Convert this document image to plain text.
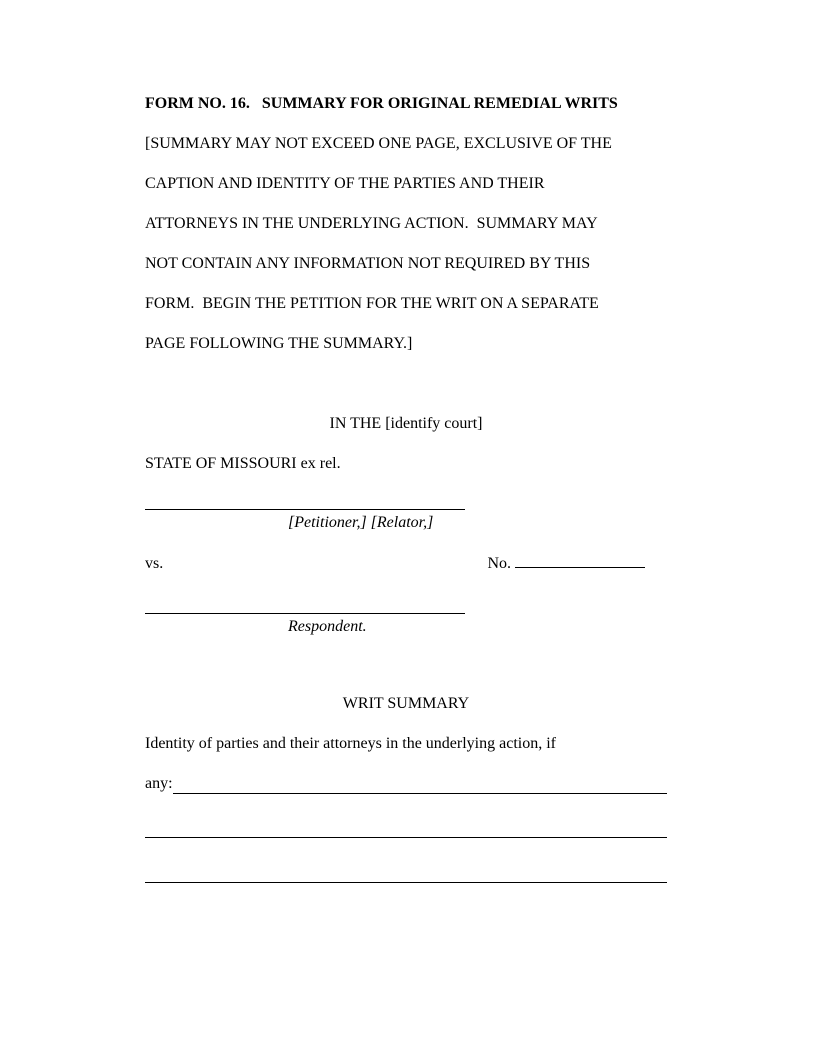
FORM NO. 16.   SUMMARY FOR ORIGINAL REMEDIAL WRITS
[SUMMARY MAY NOT EXCEED ONE PAGE, EXCLUSIVE OF THE
CAPTION AND IDENTITY OF THE PARTIES AND THEIR
ATTORNEYS IN THE UNDERLYING ACTION.  SUMMARY MAY
NOT CONTAIN ANY INFORMATION NOT REQUIRED BY THIS
FORM.  BEGIN THE PETITION FOR THE WRIT ON A SEPARATE
PAGE FOLLOWING THE SUMMARY.]
IN THE [identify court]
STATE OF MISSOURI ex rel.
[Petitioner,] [Relator,]
vs.	No.
Respondent.
WRIT SUMMARY
Identity of parties and their attorneys in the underlying action, if
any:
